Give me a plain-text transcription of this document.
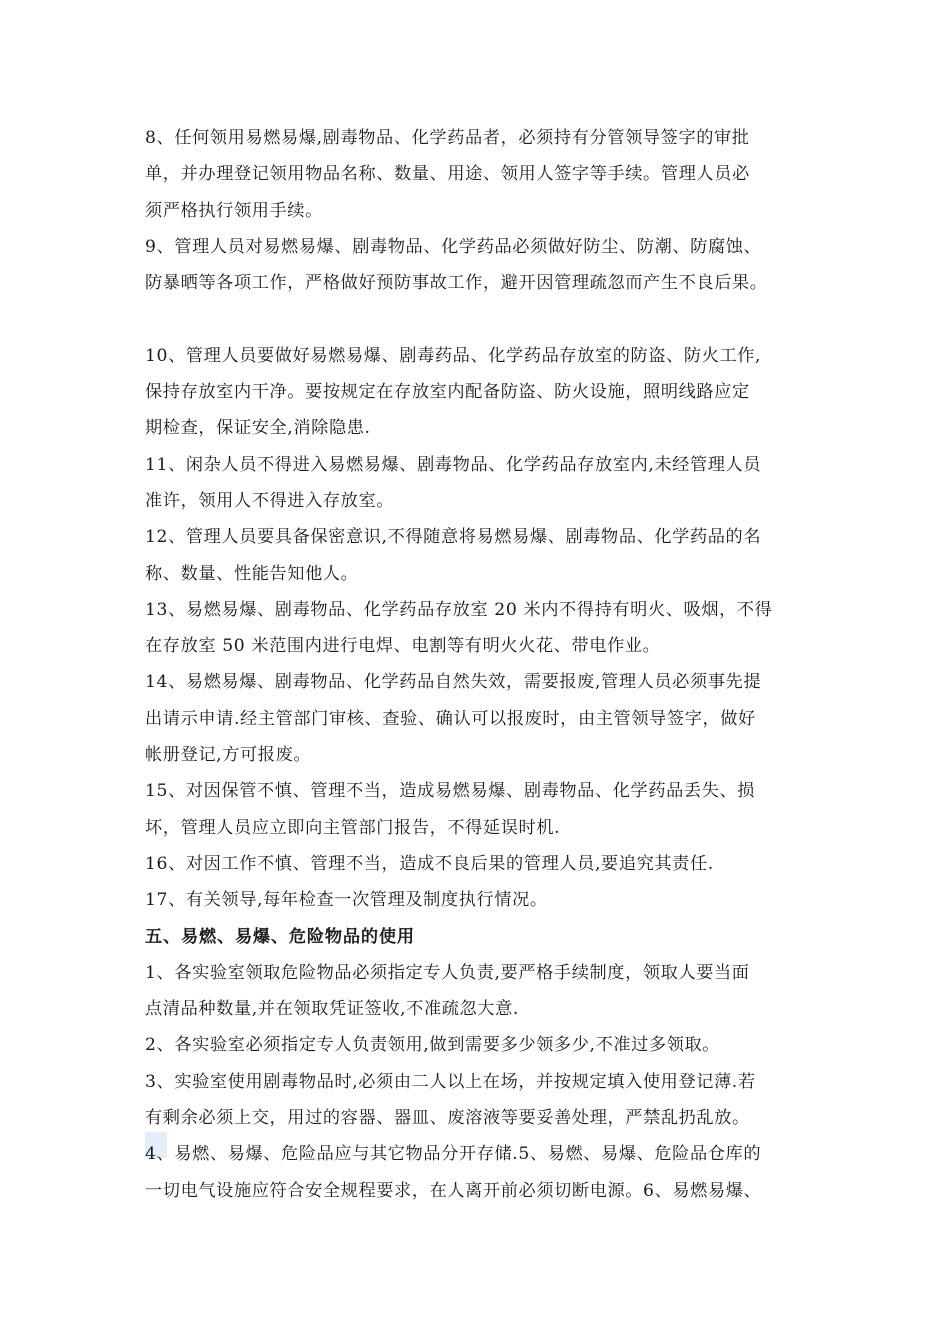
8、任何领用易燃易爆,剧毒物品、化学药品者，必须持有分管领导签字的审批
单，并办理登记领用物品名称、数量、用途、领用人签字等手续。管理人员必
须严格执行领用手续。
9、管理人员对易燃易爆、剧毒物品、化学药品必须做好防尘、防潮、防腐蚀、
防暴晒等各项工作，严格做好预防事故工作，避开因管理疏忽而产生不良后果。
10、管理人员要做好易燃易爆、剧毒药品、化学药品存放室的防盗、防火工作,
保持存放室内干净。要按规定在存放室内配备防盗、防火设施，照明线路应定
期检查，保证安全,消除隐患.
11、闲杂人员不得进入易燃易爆、剧毒物品、化学药品存放室内,未经管理人员
准许，领用人不得进入存放室。
12、管理人员要具备保密意识,不得随意将易燃易爆、剧毒物品、化学药品的名
称、数量、性能告知他人。
13、易燃易爆、剧毒物品、化学药品存放室 20 米内不得持有明火、吸烟，不得
在存放室 50 米范围内进行电焊、电割等有明火火花、带电作业。
14、易燃易爆、剧毒物品、化学药品自然失效，需要报废,管理人员必须事先提
出请示申请.经主管部门审核、查验、确认可以报废时，由主管领导签字，做好
帐册登记,方可报废。
15、对因保管不慎、管理不当，造成易燃易爆、剧毒物品、化学药品丢失、损
坏，管理人员应立即向主管部门报告，不得延误时机.
16、对因工作不慎、管理不当，造成不良后果的管理人员,要追究其责任.
17、有关领导,每年检查一次管理及制度执行情况。
五、易燃、易爆、危险物品的使用
1、各实验室领取危险物品必须指定专人负责,要严格手续制度，领取人要当面
点清品种数量,并在领取凭证签收,不准疏忽大意.
2、各实验室必须指定专人负责领用,做到需要多少领多少,不准过多领取。
3、实验室使用剧毒物品时,必须由二人以上在场，并按规定填入使用登记薄.若
有剩余必须上交，用过的容器、器皿、废溶液等要妥善处理，严禁乱扔乱放。
4、易燃、易爆、危险品应与其它物品分开存储.5、易燃、易爆、危险品仓库的
一切电气设施应符合安全规程要求，在人离开前必须切断电源。6、易燃易爆、
